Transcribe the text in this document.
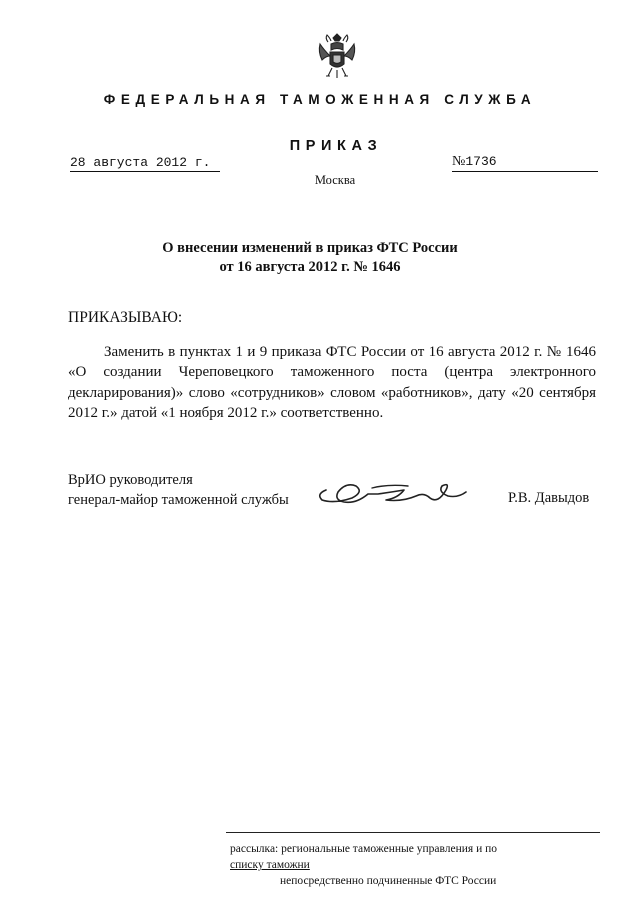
ФЕДЕРАЛЬНАЯ ТАМОЖЕННАЯ СЛУЖБА
ПРИКАЗ
28 августа 2012 г.	№1736
Москва
О внесении изменений в приказ ФТС России
от 16 августа 2012 г. № 1646
ПРИКАЗЫВАЮ:
Заменить в пунктах 1 и 9 приказа ФТС России от 16 августа 2012 г. № 1646 «О создании Череповецкого таможенного поста (центра электронного декларирования)» слово «сотрудников» словом «работников», дату «20 сентября 2012 г.» датой «1 ноября 2012 г.» соответственно.
ВрИО руководителя
генерал-майор таможенной службы	Р.В. Давыдов
рассылка: региональные таможенные управления и по
списку таможни
непосредственно подчиненные ФТС России
